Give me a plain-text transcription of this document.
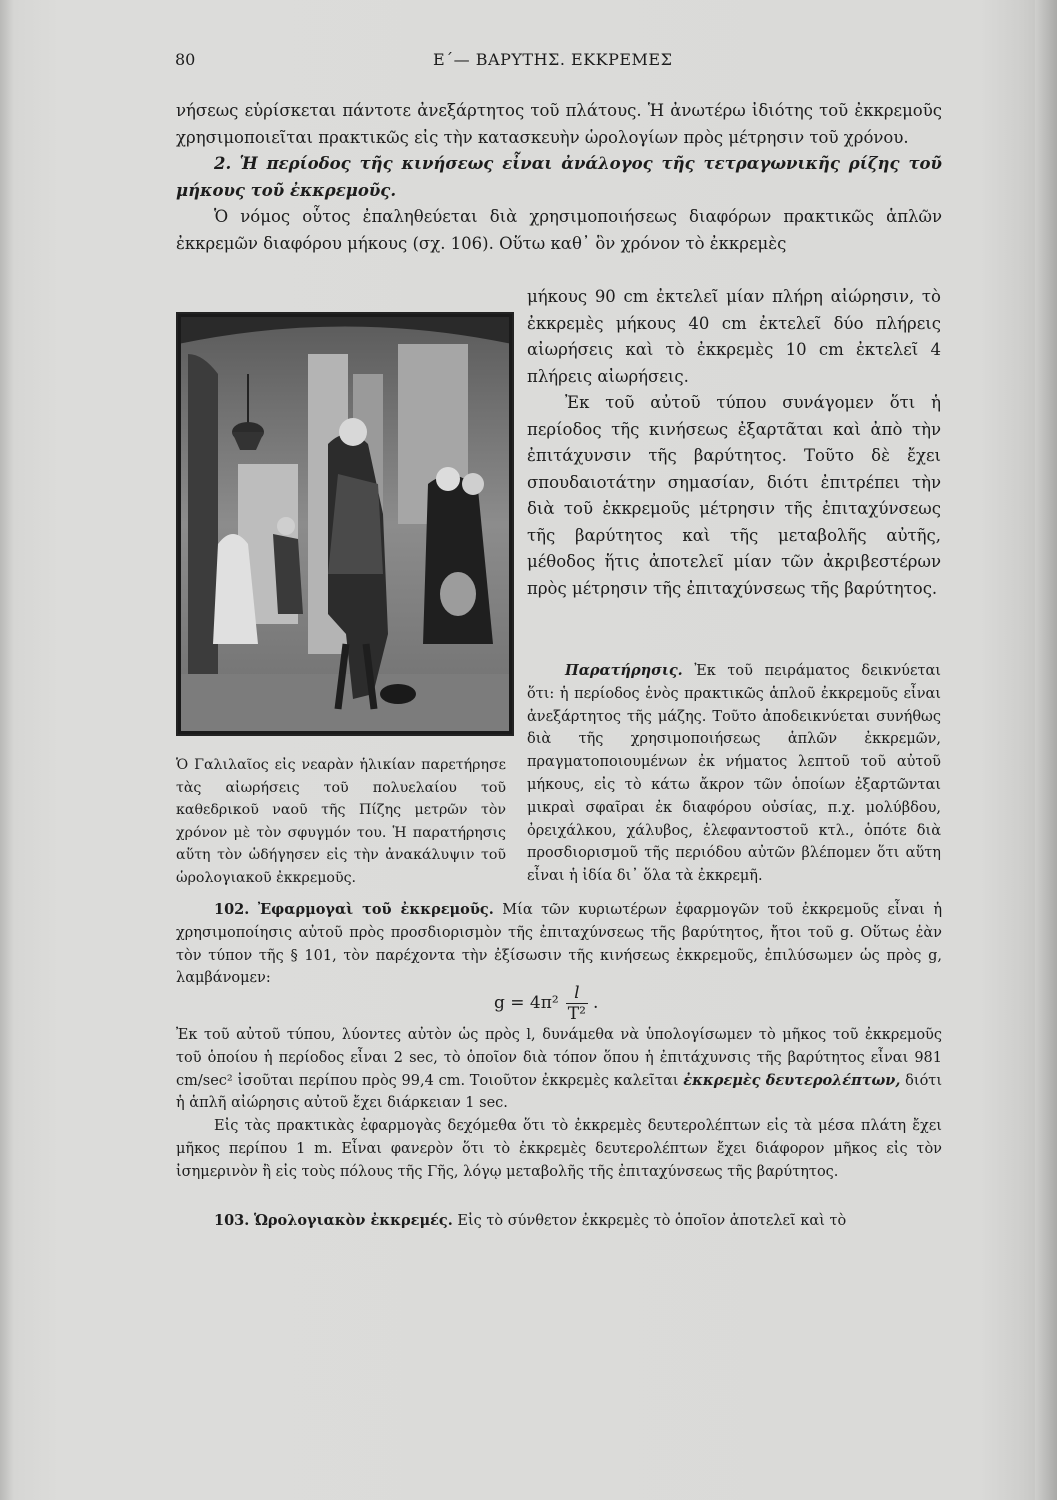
80	Ε΄— ΒΑΡΥΤΗΣ. ΕΚΚΡΕΜΕΣ

νήσεως εὑρίσκεται πάντοτε ἀνεξάρτητος τοῦ πλάτους. Ἡ ἀνωτέρω ἰδιότης τοῦ ἐκκρεμοῦς χρησιμοποιεῖται πρακτικῶς εἰς τὴν κατασκευὴν ὡρολογίων πρὸς μέτρησιν τοῦ χρόνου.

2. Ἡ περίοδος τῆς κινήσεως εἶναι ἀνάλογος τῆς τετραγωνικῆς ρίζης τοῦ μήκους τοῦ ἐκκρεμοῦς.

Ὁ νόμος οὗτος ἐπαληθεύεται διὰ χρησιμοποιήσεως διαφόρων πρακτικῶς ἁπλῶν ἐκκρεμῶν διαφόρου μήκους (σχ. 106). Οὕτω καθ᾿ ὃν χρόνον τὸ ἐκκρεμὲς

μήκους 90 cm ἐκτελεῖ μίαν πλήρη αἰώρησιν, τὸ ἐκκρεμὲς μήκους 40 cm ἐκτελεῖ δύο πλήρεις αἰωρήσεις καὶ τὸ ἐκκρεμὲς 10 cm ἐκτελεῖ 4 πλήρεις αἰωρήσεις.

Ἐκ τοῦ αὐτοῦ τύπου συνάγομεν ὅτι ἡ περίοδος τῆς κινήσεως ἐξαρτᾶται καὶ ἀπὸ τὴν ἐπιτάχυνσιν τῆς βαρύτητος. Τοῦτο δὲ ἔχει σπουδαιοτάτην σημασίαν, διότι ἐπιτρέπει τὴν διὰ τοῦ ἐκκρεμοῦς μέτρησιν τῆς ἐπιταχύνσεως τῆς βαρύτητος καὶ τῆς μεταβολῆς αὐτῆς, μέθοδος ἥτις ἀποτελεῖ μίαν τῶν ἀκριβεστέρων πρὸς μέτρησιν τῆς ἐπιταχύνσεως τῆς βαρύτητος.

Παρατήρησις. Ἐκ τοῦ πειράματος δεικνύεται ὅτι: ἡ περίοδος ἑνὸς πρακτικῶς ἁπλοῦ ἐκκρεμοῦς εἶναι ἀνεξάρτητος τῆς μάζης. Τοῦτο ἀποδεικνύεται συνήθως διὰ τῆς χρησιμοποιήσεως ἁπλῶν ἐκκρεμῶν, πραγματοποιουμένων ἐκ νήματος λεπτοῦ τοῦ αὐτοῦ μήκους, εἰς τὸ κάτω ἄκρον τῶν ὁποίων ἐξαρτῶνται μικραὶ σφαῖραι ἐκ διαφόρου οὐσίας, π.χ. μολύβδου, ὀρειχάλκου, χάλυβος, ἐλεφαντοστοῦ κτλ., ὁπότε διὰ προσδιορισμοῦ τῆς περιόδου αὐτῶν βλέπομεν ὅτι αὕτη εἶναι ἡ ἰδία δι᾿ ὅλα τὰ ἐκκρεμῆ.
Ὁ Γαλιλαῖος εἰς νεαρὰν ἡλικίαν παρετήρησε τὰς αἰωρήσεις τοῦ πολυελαίου τοῦ καθεδρικοῦ ναοῦ τῆς Πίζης μετρῶν τὸν χρόνον μὲ τὸν σφυγμόν του. Ἡ παρατήρησις αὕτη τὸν ὡδήγησεν εἰς τὴν ἀνακάλυψιν τοῦ ὡρολογιακοῦ ἐκκρεμοῦς.
102. Ἐφαρμογαὶ τοῦ ἐκκρεμοῦς. Μία τῶν κυριωτέρων ἐφαρμογῶν τοῦ ἐκκρεμοῦς εἶναι ἡ χρησιμοποίησις αὐτοῦ πρὸς προσδιορισμὸν τῆς ἐπιταχύνσεως τῆς βαρύτητος, ἤτοι τοῦ g. Οὕτως ἐὰν τὸν τύπον τῆς § 101, τὸν παρέχοντα τὴν ἐξίσωσιν τῆς κινήσεως ἐκκρεμοῦς, ἐπιλύσωμεν ὡς πρὸς g, λαμβάνομεν:
$g = 4\pi^2 \frac{l}{\text{T²}}$ .

Ἐκ τοῦ αὐτοῦ τύπου, λύοντες αὐτὸν ὡς πρὸς l, δυνάμεθα νὰ ὑπολογίσωμεν τὸ μῆκος τοῦ ἐκκρεμοῦς τοῦ ὁποίου ἡ περίοδος εἶναι 2 sec, τὸ ὁποῖον διὰ τόπον ὅπου ἡ ἐπιτάχυνσις τῆς βαρύτητος εἶναι 981 cm/sec² ἰσοῦται περίπου πρὸς 99,4 cm. Τοιοῦτον ἐκκρεμὲς καλεῖται ἐκκρεμὲς δευτερολέπτων, διότι ἡ ἁπλῆ αἰώρησις αὐτοῦ ἔχει διάρκειαν 1 sec.

Εἰς τὰς πρακτικὰς ἐφαρμογὰς δεχόμεθα ὅτι τὸ ἐκκρεμὲς δευτερολέπτων εἰς τὰ μέσα πλάτη ἔχει μῆκος περίπου 1 m. Εἶναι φανερὸν ὅτι τὸ ἐκκρεμὲς δευτερολέπτων ἔχει διάφορον μῆκος εἰς τὸν ἰσημερινὸν ἢ εἰς τοὺς πόλους τῆς Γῆς, λόγῳ μεταβολῆς τῆς ἐπιταχύνσεως τῆς βαρύτητος.

103. Ὡρολογιακὸν ἐκκρεμές. Εἰς τὸ σύνθετον ἐκκρεμὲς τὸ ὁποῖον ἀποτελεῖ καὶ τὸ
